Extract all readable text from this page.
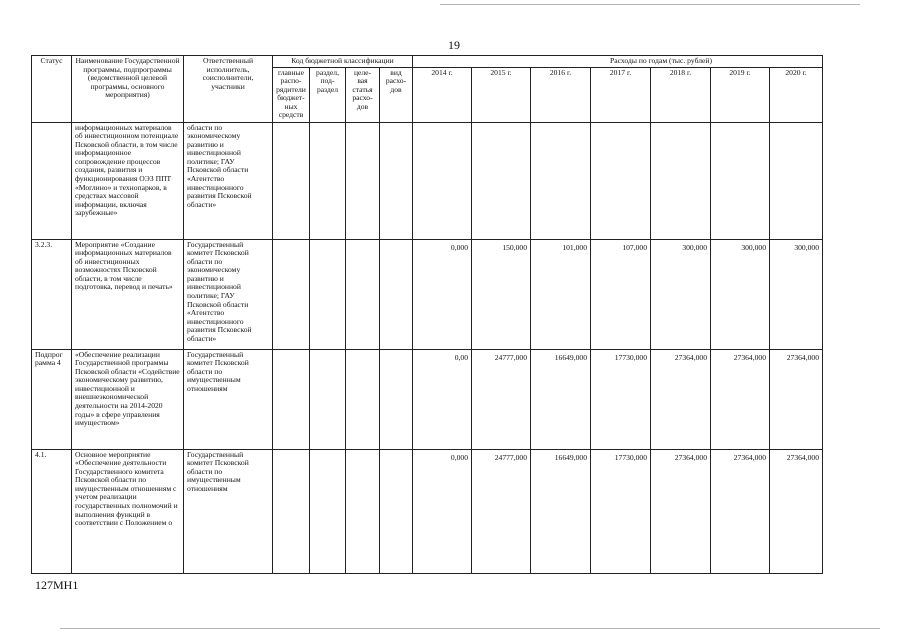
19
Статус	Наименование Государственной программы, подпрограммы (ведомственной целевой программы, основного мероприятия)	Ответственный исполнитель, соисполнители, участники	Код бюджетной классификации				Расходы по годам (тыс. рублей)						
			главные распо-рядители бюджет-ных средств	раздел, под-раздел	целе-вая статья расхо-дов	вид расхо-дов	2014 г.	2015 г.	2016 г.	2017 г.	2018 г.	2019 г.	2020 г.
	информационных материалов об инвестиционном потенциале Псковской области, в том числе информационное сопровождение процессов создания, развития и функционирования ОЭЗ ППТ «Моглино» и технопарков, в средствах массовой информации, включая зарубежные»	области по экономическому развитию и инвестиционной политике; ГАУ Псковской области «Агентство инвестиционного развития Псковской области»											
3.2.3.	Мероприятие «Создание информационных материалов об инвестиционных возможностях Псковской области, в том числе подготовка, перевод и печать»	Государственный комитет Псковской области по экономическому развитию и инвестиционной политике; ГАУ Псковской области «Агентство инвестиционного развития Псковской области»					0,000	150,000	101,000	107,000	300,000	300,000	300,000
Подпрог рамма 4	«Обеспечение реализации Государственной программы Псковской области «Содействие экономическому развитию, инвестиционной и внешнеэкономической деятельности на 2014-2020 годы» в сфере управления имуществом»	Государственный комитет Псковской области по имущественным отношениям					0,00	24777,000	16649,000	17730,000	27364,000	27364,000	27364,000
4.1.	Основное мероприятие «Обеспечение деятельности Государственного комитета Псковской области по имущественным отношениям с учетом реализации государственных полномочий и выполнения функций в соответствии с Положением о	Государственный комитет Псковской области по имущественным отношениям					0,000	24777,000	16649,000	17730,000	27364,000	27364,000	27364,000
127МН1
